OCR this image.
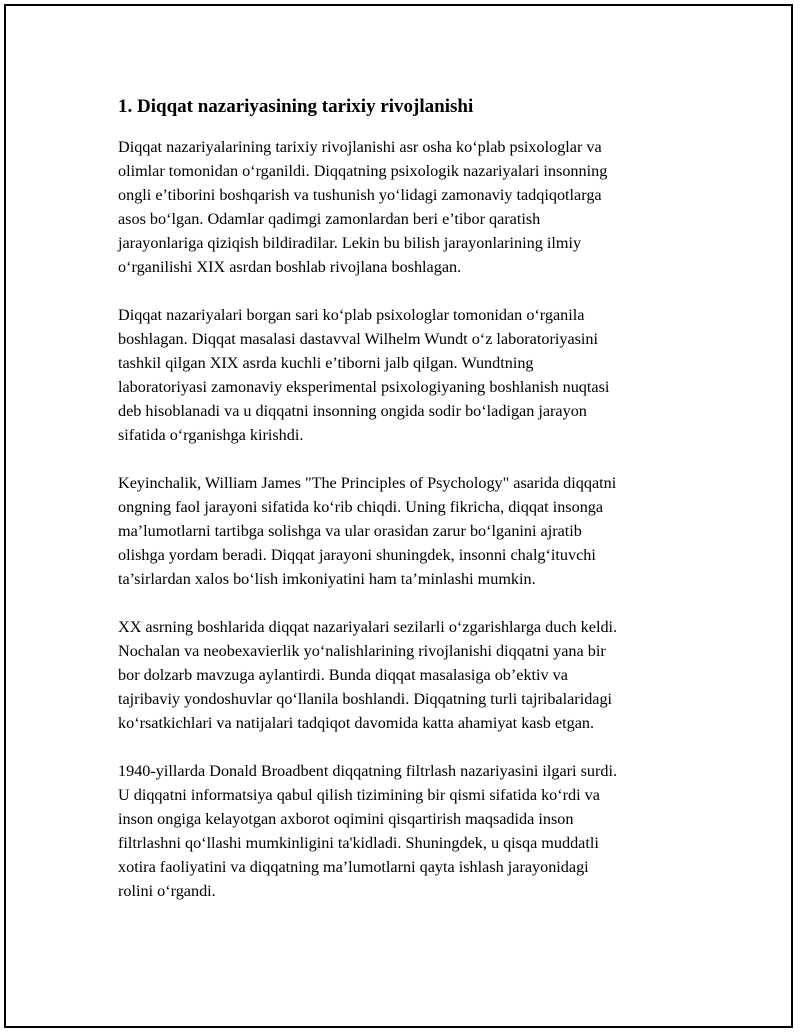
1. Diqqat nazariyasining tarixiy rivojlanishi
Diqqat nazariyalarining tarixiy rivojlanishi asr osha ko‘plab psixologlar va
olimlar tomonidan o‘rganildi. Diqqatning psixologik nazariyalari insonning
ongli e’tiborini boshqarish va tushunish yo‘lidagi zamonaviy tadqiqotlarga
asos bo‘lgan. Odamlar qadimgi zamonlardan beri e’tibor qaratish
jarayonlariga qiziqish bildiradilar. Lekin bu bilish jarayonlarining ilmiy
o‘rganilishi XIX asrdan boshlab rivojlana boshlagan.
Diqqat nazariyalari borgan sari ko‘plab psixologlar tomonidan o‘rganila
boshlagan. Diqqat masalasi dastavval Wilhelm Wundt o‘z laboratoriyasini
tashkil qilgan XIX asrda kuchli e’tiborni jalb qilgan. Wundtning
laboratoriyasi zamonaviy eksperimental psixologiyaning boshlanish nuqtasi
deb hisoblanadi va u diqqatni insonning ongida sodir bo‘ladigan jarayon
sifatida o‘rganishga kirishdi.
Keyinchalik, William James "The Principles of Psychology" asarida diqqatni
ongning faol jarayoni sifatida ko‘rib chiqdi. Uning fikricha, diqqat insonga
ma’lumotlarni tartibga solishga va ular orasidan zarur bo‘lganini ajratib
olishga yordam beradi. Diqqat jarayoni shuningdek, insonni chalg‘ituvchi
ta’sirlardan xalos bo‘lish imkoniyatini ham ta’minlashi mumkin.
XX asrning boshlarida diqqat nazariyalari sezilarli o‘zgarishlarga duch keldi.
Nochalan va neobexavierlik yo‘nalishlarining rivojlanishi diqqatni yana bir
bor dolzarb mavzuga aylantirdi. Bunda diqqat masalasiga ob’ektiv va
tajribaviy yondoshuvlar qo‘llanila boshlandi. Diqqatning turli tajribalaridagi
ko‘rsatkichlari va natijalari tadqiqot davomida katta ahamiyat kasb etgan.
1940-yillarda Donald Broadbent diqqatning filtrlash nazariyasini ilgari surdi.
U diqqatni informatsiya qabul qilish tizimining bir qismi sifatida ko‘rdi va
inson ongiga kelayotgan axborot oqimini qisqartirish maqsadida inson
filtrlashni qo‘llashi mumkinligini ta'kidladi. Shuningdek, u qisqa muddatli
xotira faoliyatini va diqqatning ma’lumotlarni qayta ishlash jarayonidagi
rolini o‘rgandi.
